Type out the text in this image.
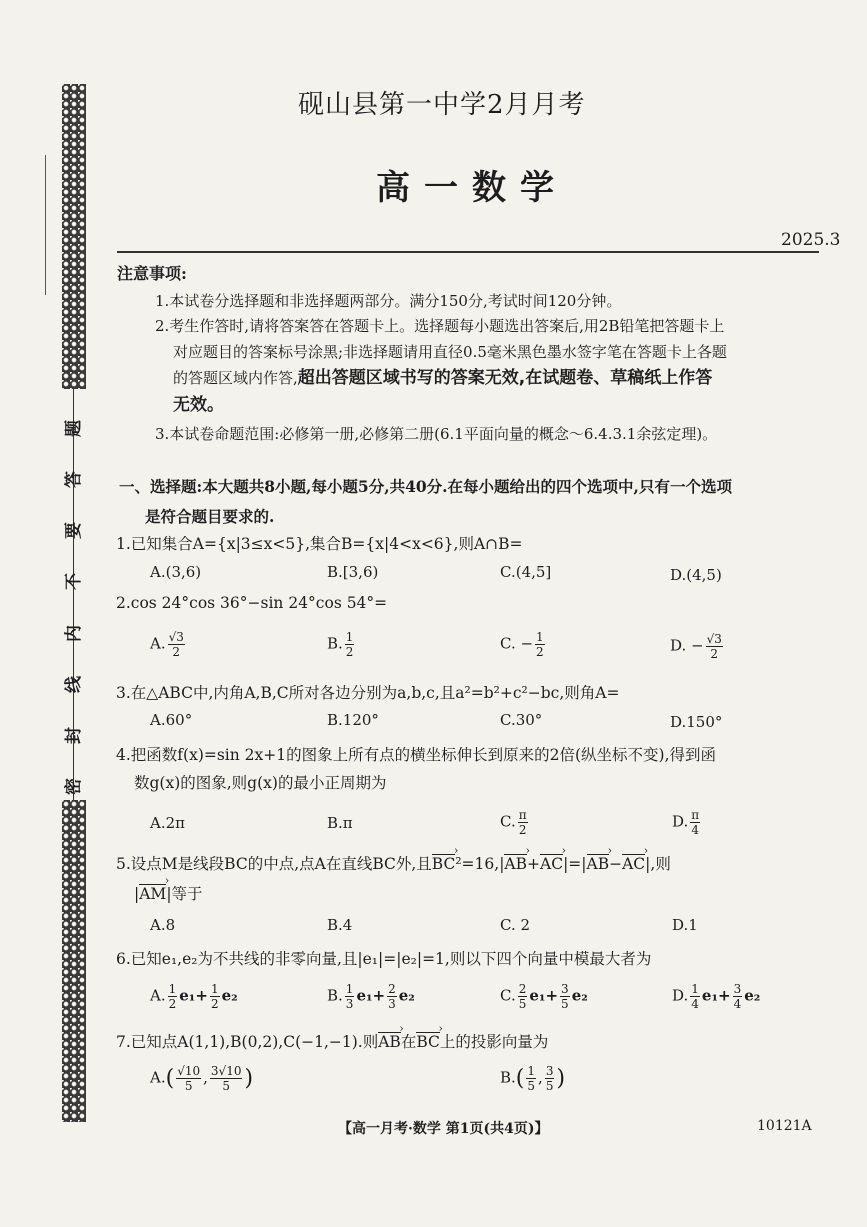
题
答
要
不
内
线
封
密
砚山县第一中学2月月考
高一数学
2025.3
注意事项:
1.本试卷分选择题和非选择题两部分。满分150分,考试时间120分钟。
2.考生作答时,请将答案答在答题卡上。选择题每小题选出答案后,用2B铅笔把答题卡上
对应题目的答案标号涂黑;非选择题请用直径0.5毫米黑色墨水签字笔在答题卡上各题
的答题区域内作答,超出答题区域书写的答案无效,在试题卷、草稿纸上作答
无效。
3.本试卷命题范围:必修第一册,必修第二册(6.1平面向量的概念～6.4.3.1余弦定理)。
一、选择题:本大题共8小题,每小题5分,共40分.在每小题给出的四个选项中,只有一个选项
是符合题目要求的.
1.已知集合A={x|3≤x<5},集合B={x|4<x<6},则A∩B=
A.(3,6)	B.[3,6)	C.(4,5]	D.(4,5)
2.cos 24°cos 36°−sin 24°cos 54°=
A. $\frac{√3}{2}$	B. $\frac{1}{2}$	C. − $\frac{1}{2}$	D. − $\frac{√3}{2}$
3.在△ABC中,内角A,B,C所对各边分别为a,b,c,且a²=b²+c²−bc,则角A=
A.60°	B.120°	C.30°	D.150°
4.把函数f(x)=sin 2x+1的图象上所有点的横坐标伸长到原来的2倍(纵坐标不变),得到函
数g(x)的图象,则g(x)的最小正周期为
A.2π	B.π	C. $\frac{\pi}{2}$	D. $\frac{\pi}{4}$
5.设点M是线段BC的中点,点A在直线BC外,且BC ›²=16,|AB ›+AC ›|=|AB ›−AC ›|,则
|AM ›|等于
A.8	B.4	C. 2	D.1
6.已知e₁,e₂为不共线的非零向量,且|e₁|=|e₂|=1,则以下四个向量中模最大者为
A. $\frac{1}{2} e_1+ \frac{1}{2} e_2$	B. $\frac{1}{3} e_1+ \frac{2}{3} e_2$	C. $\frac{2}{5} e_1+ \frac{3}{5} e_2$	D. $\frac{1}{4} e_1+ \frac{3}{4} e_2$
7.已知点A(1,1),B(0,2),C(−1,−1).则AB ›在BC ›上的投影向量为
$A.( \frac{√10}{5}$ , $\frac{3√10}{5}$ )	$B.( \frac{1}{5}$ , $\frac{3}{5}$ )
【高一月考·数学 第1页(共4页)】	10121A
